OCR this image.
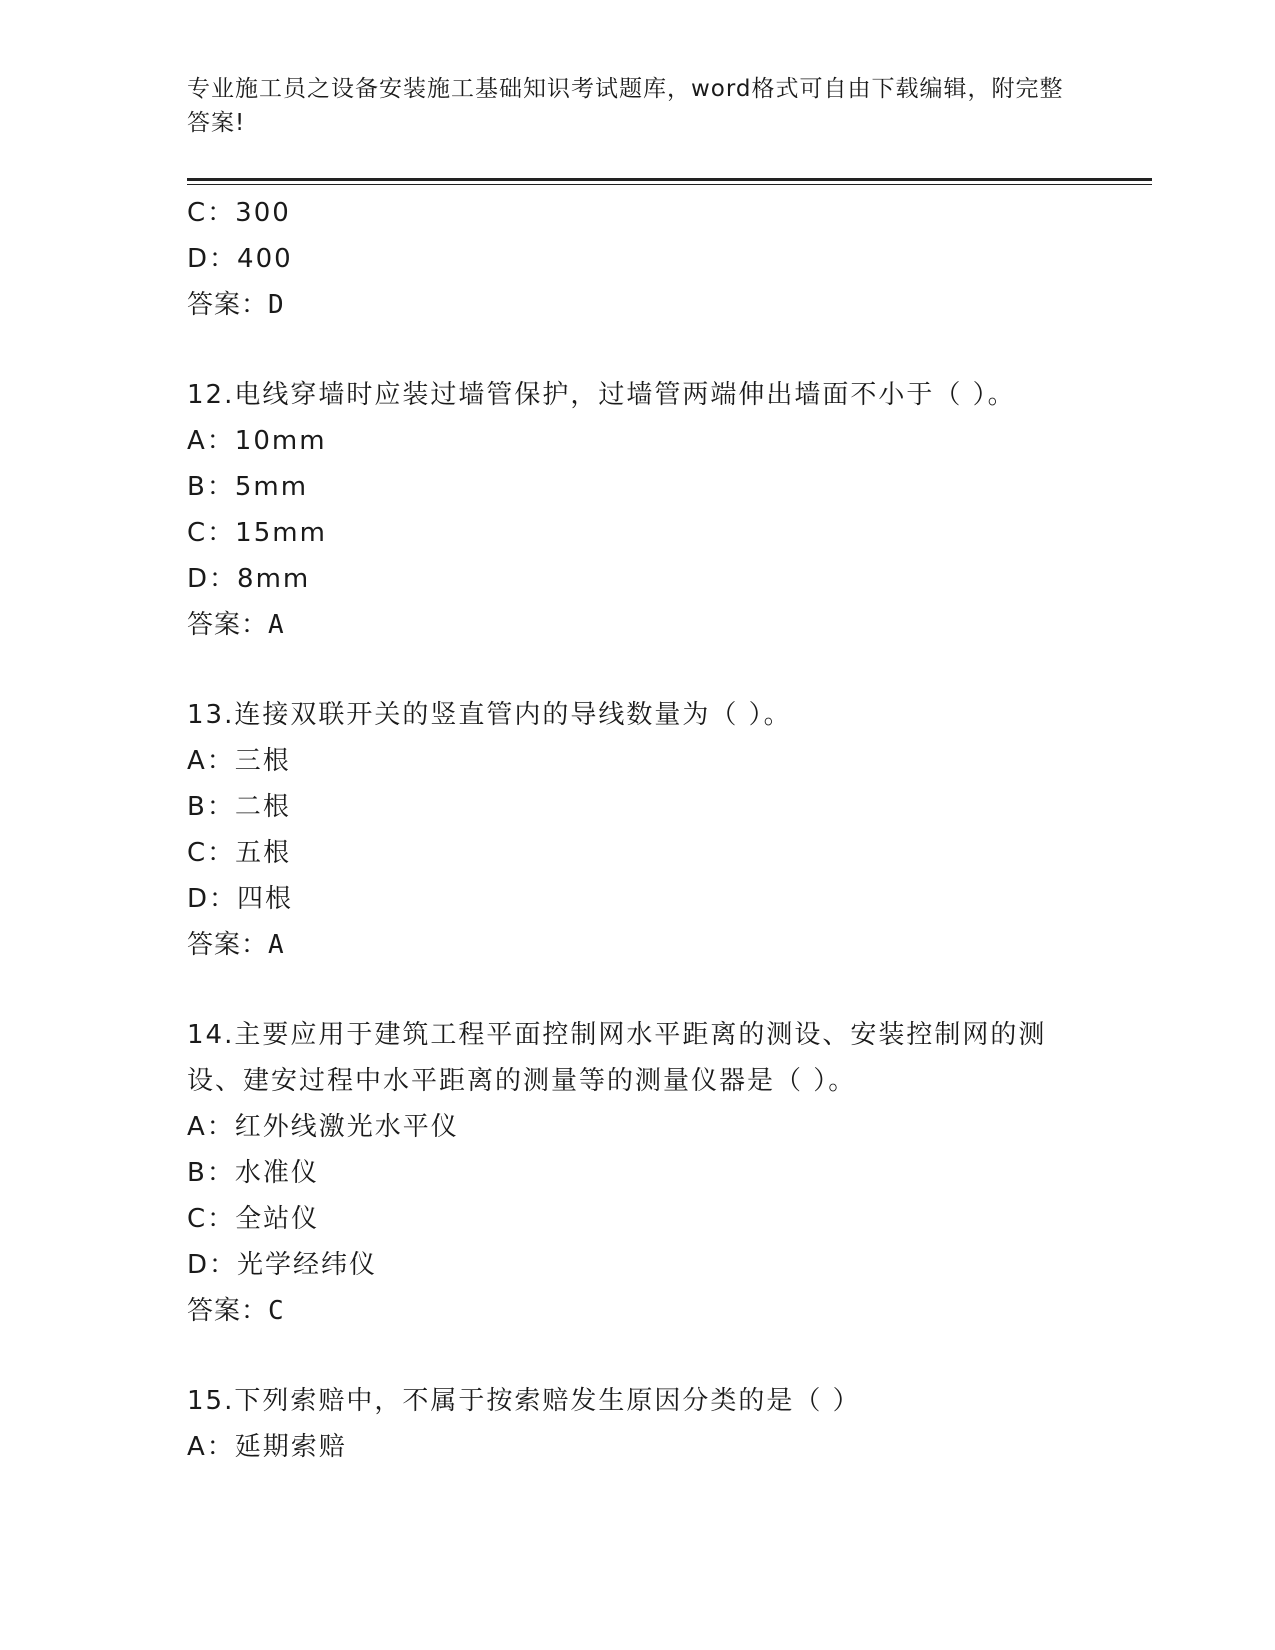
专业施工员之设备安装施工基础知识考试题库，word格式可自由下载编辑，附完整答案!
C：300
D：400
答案：D
12.电线穿墙时应装过墙管保护，过墙管两端伸出墙面不小于（ ）。
A：10mm
B：5mm
C：15mm
D：8mm
答案：A
13.连接双联开关的竖直管内的导线数量为（ ）。
A：三根
B：二根
C：五根
D：四根
答案：A
14.主要应用于建筑工程平面控制网水平距离的测设、安装控制网的测
设、建安过程中水平距离的测量等的测量仪器是（ ）。
A：红外线激光水平仪
B：水准仪
C：全站仪
D：光学经纬仪
答案：C
15.下列索赔中，不属于按索赔发生原因分类的是（ ）
A：延期索赔
